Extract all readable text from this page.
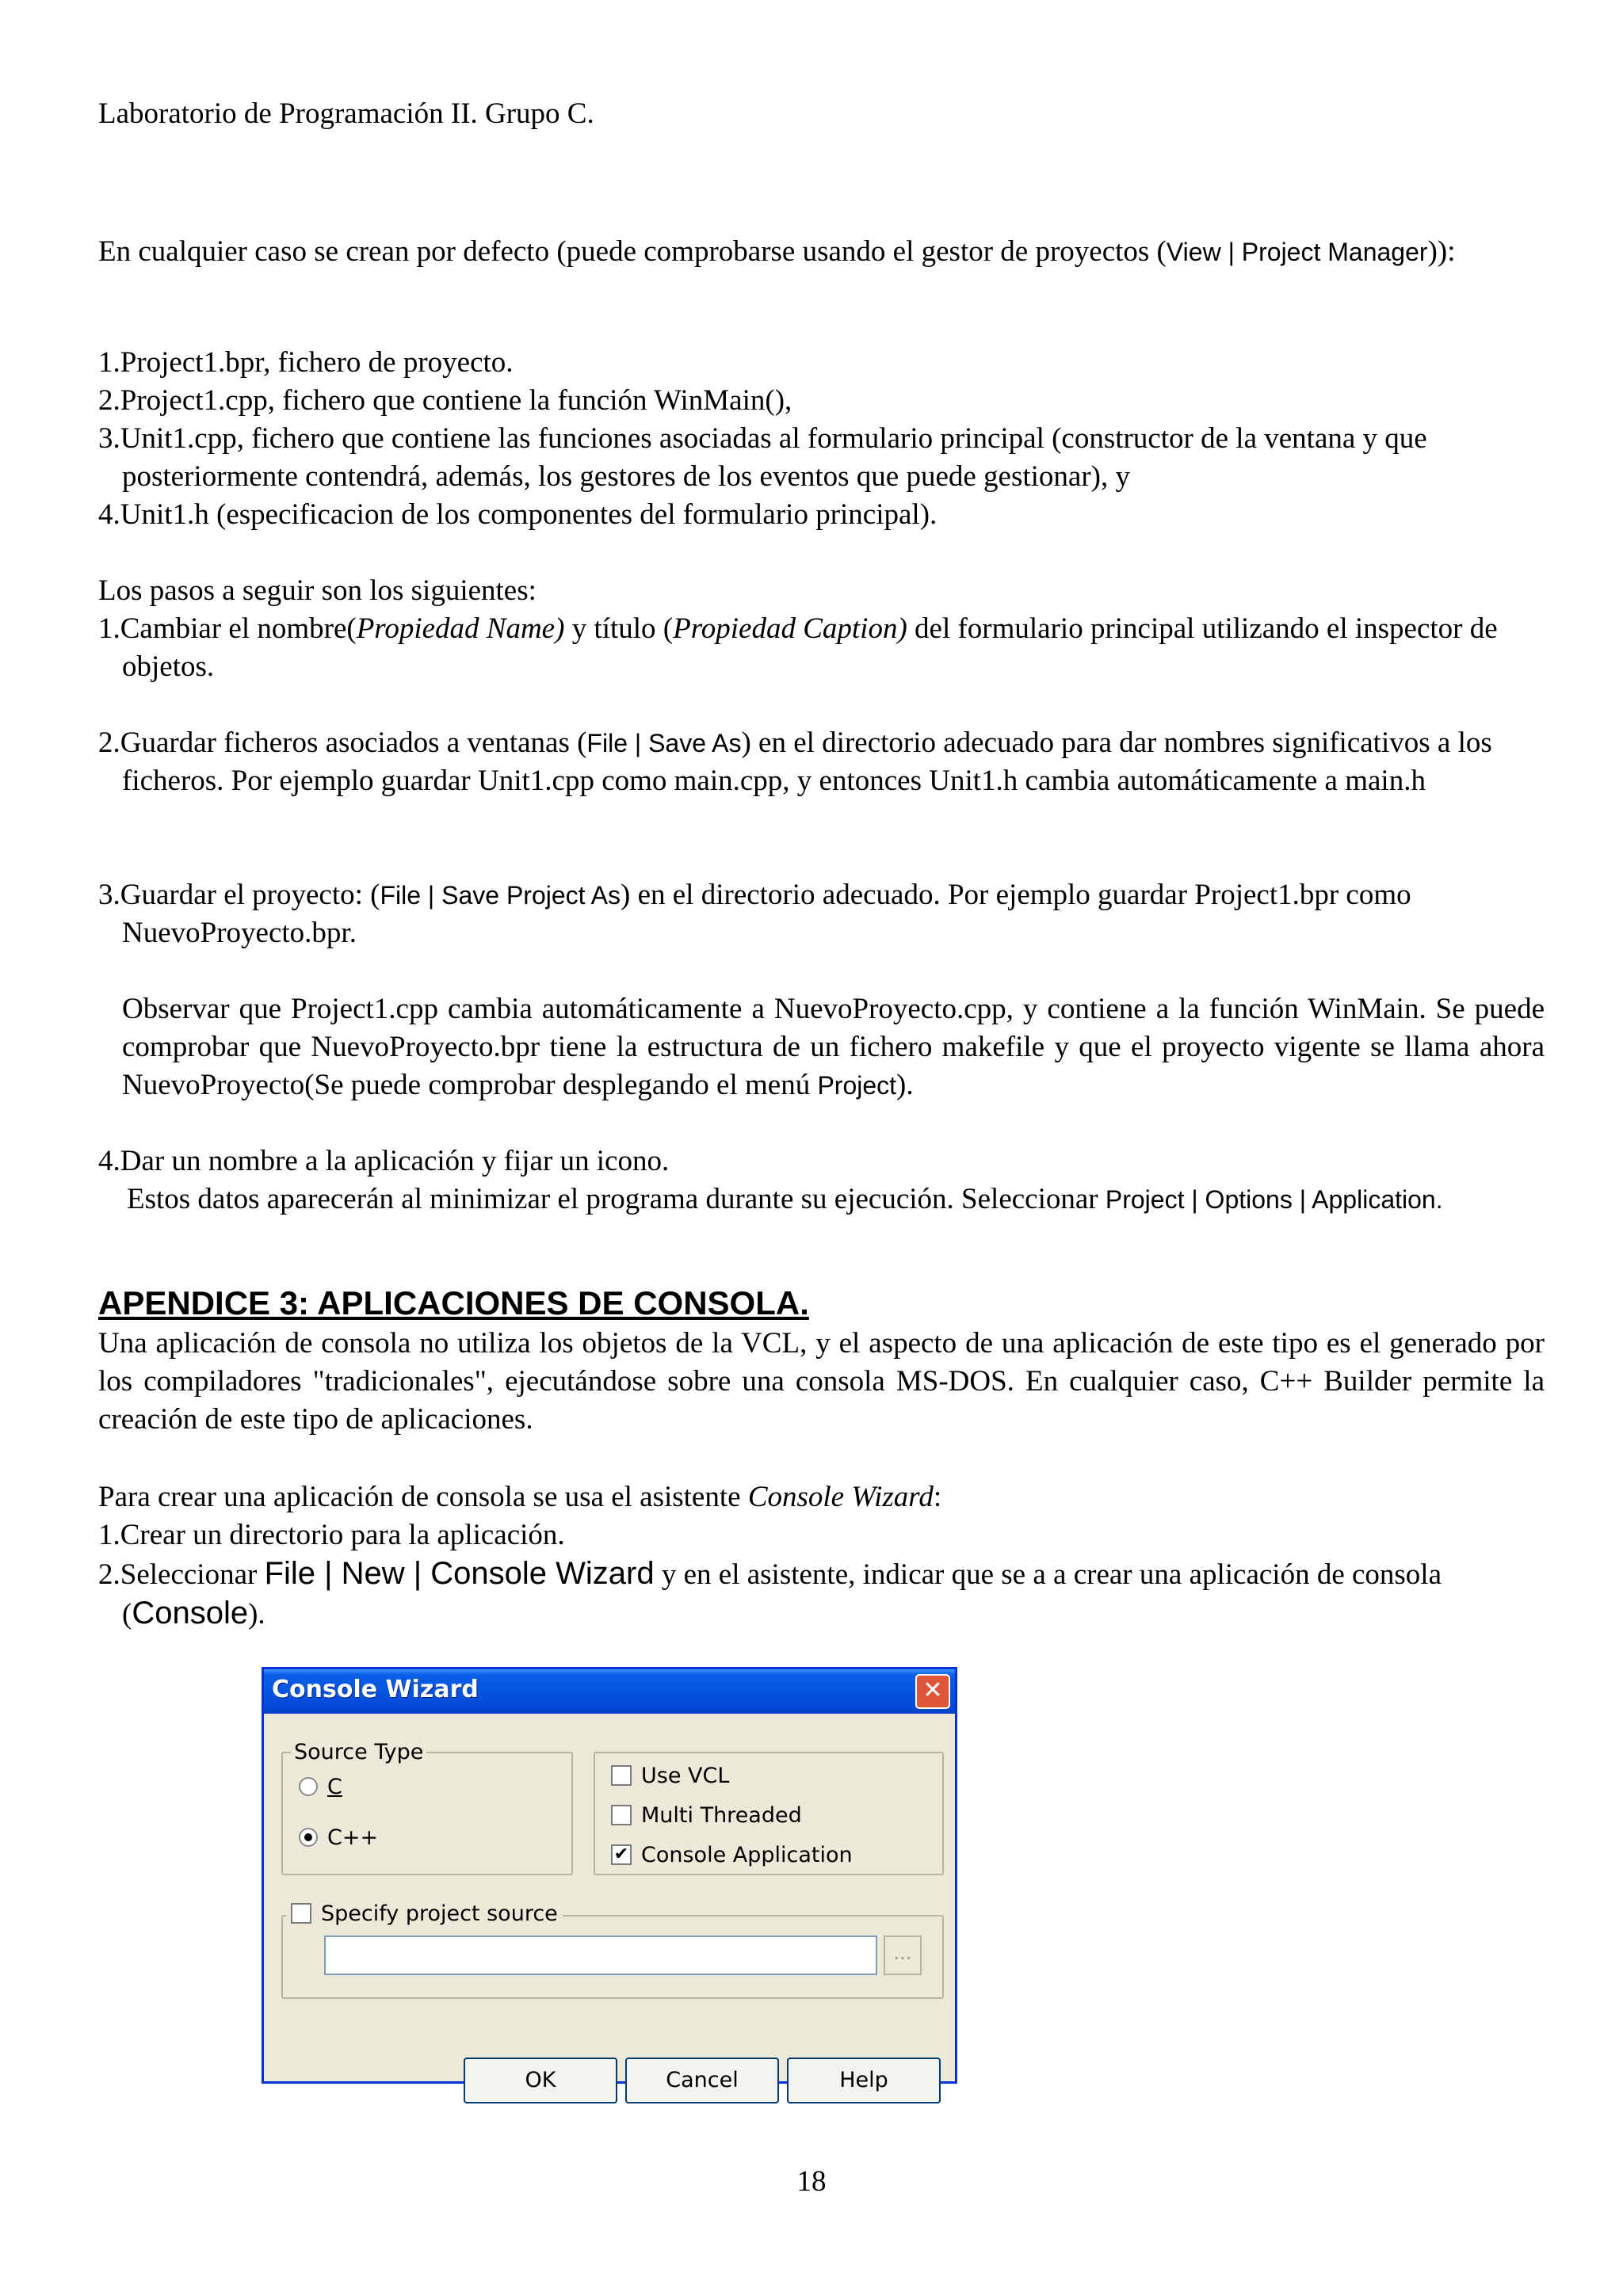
Laboratorio de Programación II. Grupo C.

En cualquier caso se crean por defecto (puede comprobarse usando el gestor de proyectos (View | Project Manager)):

1.Project1.bpr, fichero de proyecto.

2.Project1.cpp, fichero que contiene la función WinMain(),

3.Unit1.cpp, fichero que contiene las funciones asociadas al formulario principal (constructor de la ventana y que posteriormente contendrá, además, los gestores de los eventos que puede gestionar), y

4.Unit1.h (especificacion de los componentes del formulario principal).

Los pasos a seguir son los siguientes:

1.Cambiar el nombre(Propiedad Name) y título (Propiedad Caption) del formulario principal utilizando el inspector de objetos.

2.Guardar ficheros asociados a ventanas (File | Save As) en el directorio adecuado para dar nombres significativos a los ficheros. Por ejemplo guardar Unit1.cpp como main.cpp, y entonces Unit1.h cambia automáticamente a main.h

3.Guardar el proyecto: (File | Save Project As) en el directorio adecuado. Por ejemplo guardar Project1.bpr como NuevoProyecto.bpr.

Observar que Project1.cpp cambia automáticamente a NuevoProyecto.cpp, y contiene a la función WinMain. Se puede comprobar que NuevoProyecto.bpr tiene la estructura de un fichero makefile y que el proyecto vigente se llama ahora NuevoProyecto(Se puede comprobar desplegando el menú Project).

4.Dar un nombre a la aplicación y fijar un icono.

Estos datos aparecerán al minimizar el programa durante su ejecución. Seleccionar Project | Options | Application.

APENDICE 3: APLICACIONES DE CONSOLA.

Una aplicación de consola no utiliza los objetos de la VCL, y el aspecto de una aplicación de este tipo es el generado por los compiladores "tradicionales", ejecutándose sobre una consola MS-DOS. En cualquier caso, C++ Builder permite la creación de este tipo de aplicaciones.

Para crear una aplicación de consola se usa el asistente Console Wizard:

1.Crear un directorio para la aplicación.

2.Seleccionar File | New | Console Wizard y en el asistente, indicar que se a a crear una aplicación de consola (Console).

Console Wizard	✕
Source Type
C
C++
Use VCL
Multi Threaded
✔ Console Application
Specify project source
...
OK	Cancel	Help
18
